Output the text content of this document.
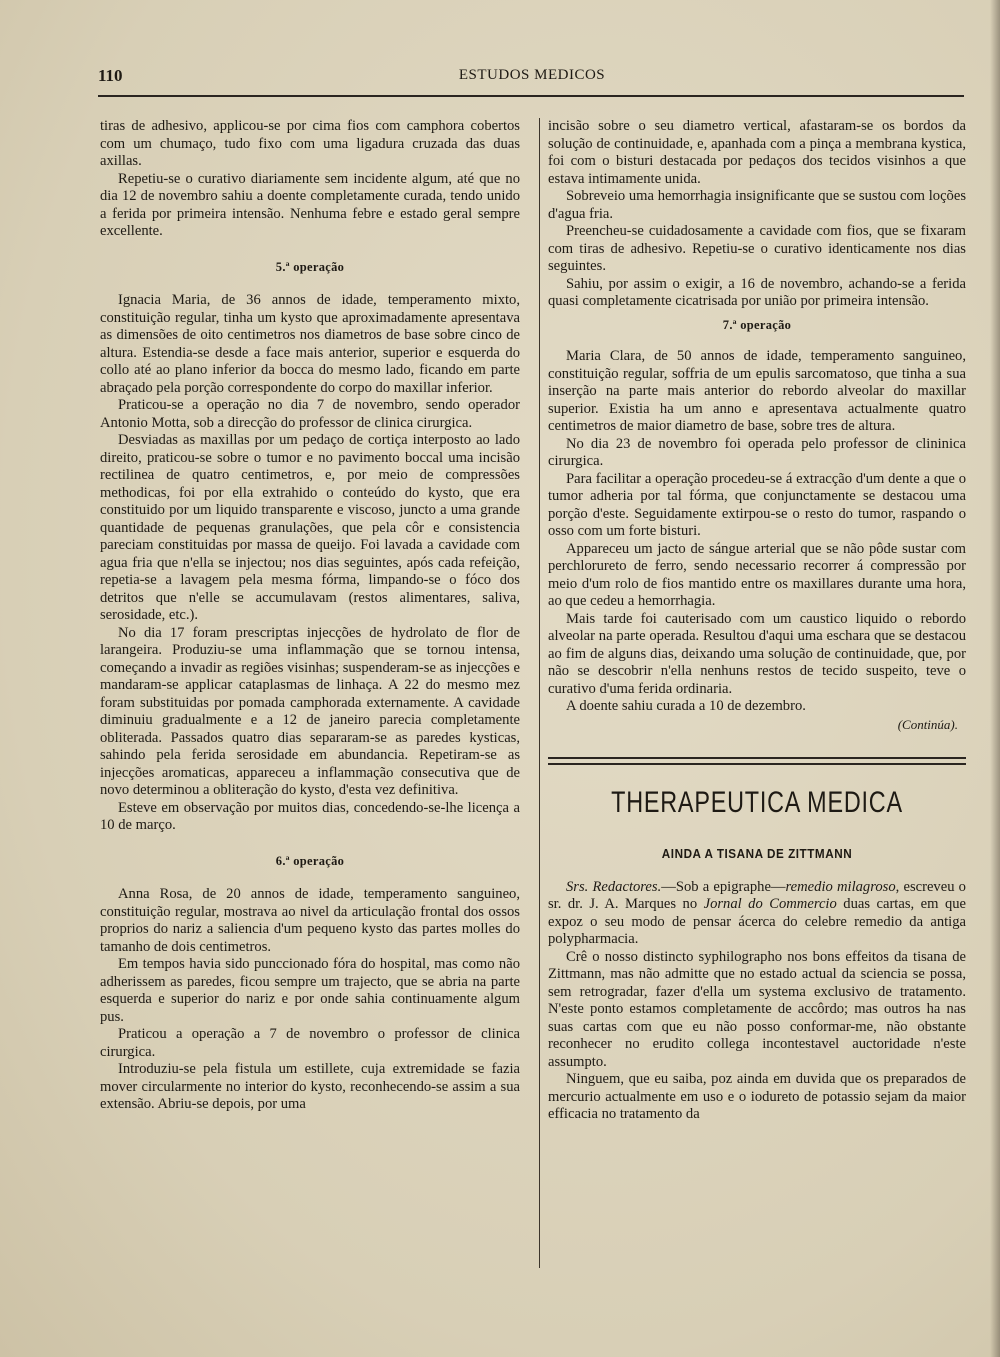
110	ESTUDOS MEDICOS

tiras de adhesivo, applicou-se por cima fios com camphora cobertos com um chumaço, tudo fixo com uma ligadura cruzada das duas axillas.

Repetiu-se o curativo diariamente sem incidente algum, até que no dia 12 de novembro sahiu a doente completamente curada, tendo unido a ferida por primeira intensão. Nenhuma febre e estado geral sempre excellente.

5.ª operação

Ignacia Maria, de 36 annos de idade, temperamento mixto, constituição regular, tinha um kysto que aproximadamente apresentava as dimensões de oito centimetros nos diametros de base sobre cinco de altura. Estendia-se desde a face mais anterior, superior e esquerda do collo até ao plano inferior da bocca do mesmo lado, ficando em parte abraçado pela porção correspondente do corpo do maxillar inferior.

Praticou-se a operação no dia 7 de novembro, sendo operador Antonio Motta, sob a direcção do professor de clinica cirurgica.

Desviadas as maxillas por um pedaço de cortiça interposto ao lado direito, praticou-se sobre o tumor e no pavimento boccal uma incisão rectilinea de quatro centimetros, e, por meio de compressões methodicas, foi por ella extrahido o conteúdo do kysto, que era constituido por um liquido transparente e viscoso, juncto a uma grande quantidade de pequenas granulações, que pela côr e consistencia pareciam constituidas por massa de queijo. Foi lavada a cavidade com agua fria que n'ella se injectou; nos dias seguintes, após cada refeição, repetia-se a lavagem pela mesma fórma, limpando-se o fóco dos detritos que n'elle se accumulavam (restos alimentares, saliva, serosidade, etc.).

No dia 17 foram prescriptas injecções de hydrolato de flor de larangeira. Produziu-se uma inflammação que se tornou intensa, começando a invadir as regiões visinhas; suspenderam-se as injecções e mandaram-se applicar cataplasmas de linhaça. A 22 do mesmo mez foram substituidas por pomada camphorada externamente. A cavidade diminuiu gradualmente e a 12 de janeiro parecia completamente obliterada. Passados quatro dias separaram-se as paredes kysticas, sahindo pela ferida serosidade em abundancia. Repetiram-se as injecções aromaticas, appareceu a inflammação consecutiva que de novo determinou a obliteração do kysto, d'esta vez definitiva.

Esteve em observação por muitos dias, concedendo-se-lhe licença a 10 de março.

6.ª operação

Anna Rosa, de 20 annos de idade, temperamento sanguineo, constituição regular, mostrava ao nivel da articulação frontal dos ossos proprios do nariz a saliencia d'um pequeno kysto das partes molles do tamanho de dois centimetros.

Em tempos havia sido punccionado fóra do hospital, mas como não adherissem as paredes, ficou sempre um trajecto, que se abria na parte esquerda e superior do nariz e por onde sahia continuamente algum pus.

Praticou a operação a 7 de novembro o professor de clinica cirurgica.

Introduziu-se pela fistula um estillete, cuja extremidade se fazia mover circularmente no interior do kysto, reconhecendo-se assim a sua extensão. Abriu-se depois, por uma

incisão sobre o seu diametro vertical, afastaram-se os bordos da solução de continuidade, e, apanhada com a pinça a membrana kystica, foi com o bisturi destacada por pedaços dos tecidos visinhos a que estava intimamente unida.

Sobreveio uma hemorrhagia insignificante que se sustou com loções d'agua fria.

Preencheu-se cuidadosamente a cavidade com fios, que se fixaram com tiras de adhesivo. Repetiu-se o curativo identicamente nos dias seguintes.

Sahiu, por assim o exigir, a 16 de novembro, achando-se a ferida quasi completamente cicatrisada por união por primeira intensão.

7.ª operação

Maria Clara, de 50 annos de idade, temperamento sanguineo, constituição regular, soffria de um epulis sarcomatoso, que tinha a sua inserção na parte mais anterior do rebordo alveolar do maxillar superior. Existia ha um anno e apresentava actualmente quatro centimetros de maior diametro de base, sobre tres de altura.

No dia 23 de novembro foi operada pelo professor de clininica cirurgica.

Para facilitar a operação procedeu-se á extracção d'um dente a que o tumor adheria por tal fórma, que conjunctamente se destacou uma porção d'este. Seguidamente extirpou-se o resto do tumor, raspando o osso com um forte bisturi.

Appareceu um jacto de sángue arterial que se não pôde sustar com perchlorureto de ferro, sendo necessario recorrer á compressão por meio d'um rolo de fios mantido entre os maxillares durante uma hora, ao que cedeu a hemorrhagia.

Mais tarde foi cauterisado com um caustico liquido o rebordo alveolar na parte operada. Resultou d'aqui uma eschara que se destacou ao fim de alguns dias, deixando uma solução de continuidade, que, por não se descobrir n'ella nenhuns restos de tecido suspeito, teve o curativo d'uma ferida ordinaria.

A doente sahiu curada a 10 de dezembro.

(Continúa).
THERAPEUTICA MEDICA
AINDA A TISANA DE ZITTMANN

Srs. Redactores.—Sob a epigraphe—remedio milagroso, escreveu o sr. dr. J. A. Marques no Jornal do Commercio duas cartas, em que expoz o seu modo de pensar ácerca do celebre remedio da antiga polypharmacia.

Crê o nosso distincto syphilographo nos bons effeitos da tisana de Zittmann, mas não admitte que no estado actual da sciencia se possa, sem retrogradar, fazer d'ella um systema exclusivo de tratamento. N'este ponto estamos completamente de accôrdo; mas outros ha nas suas cartas com que eu não posso conformar-me, não obstante reconhecer no erudito collega incontestavel auctoridade n'este assumpto.

Ninguem, que eu saiba, poz ainda em duvida que os preparados de mercurio actualmente em uso e o iodureto de potassio sejam da maior efficacia no tratamento da
